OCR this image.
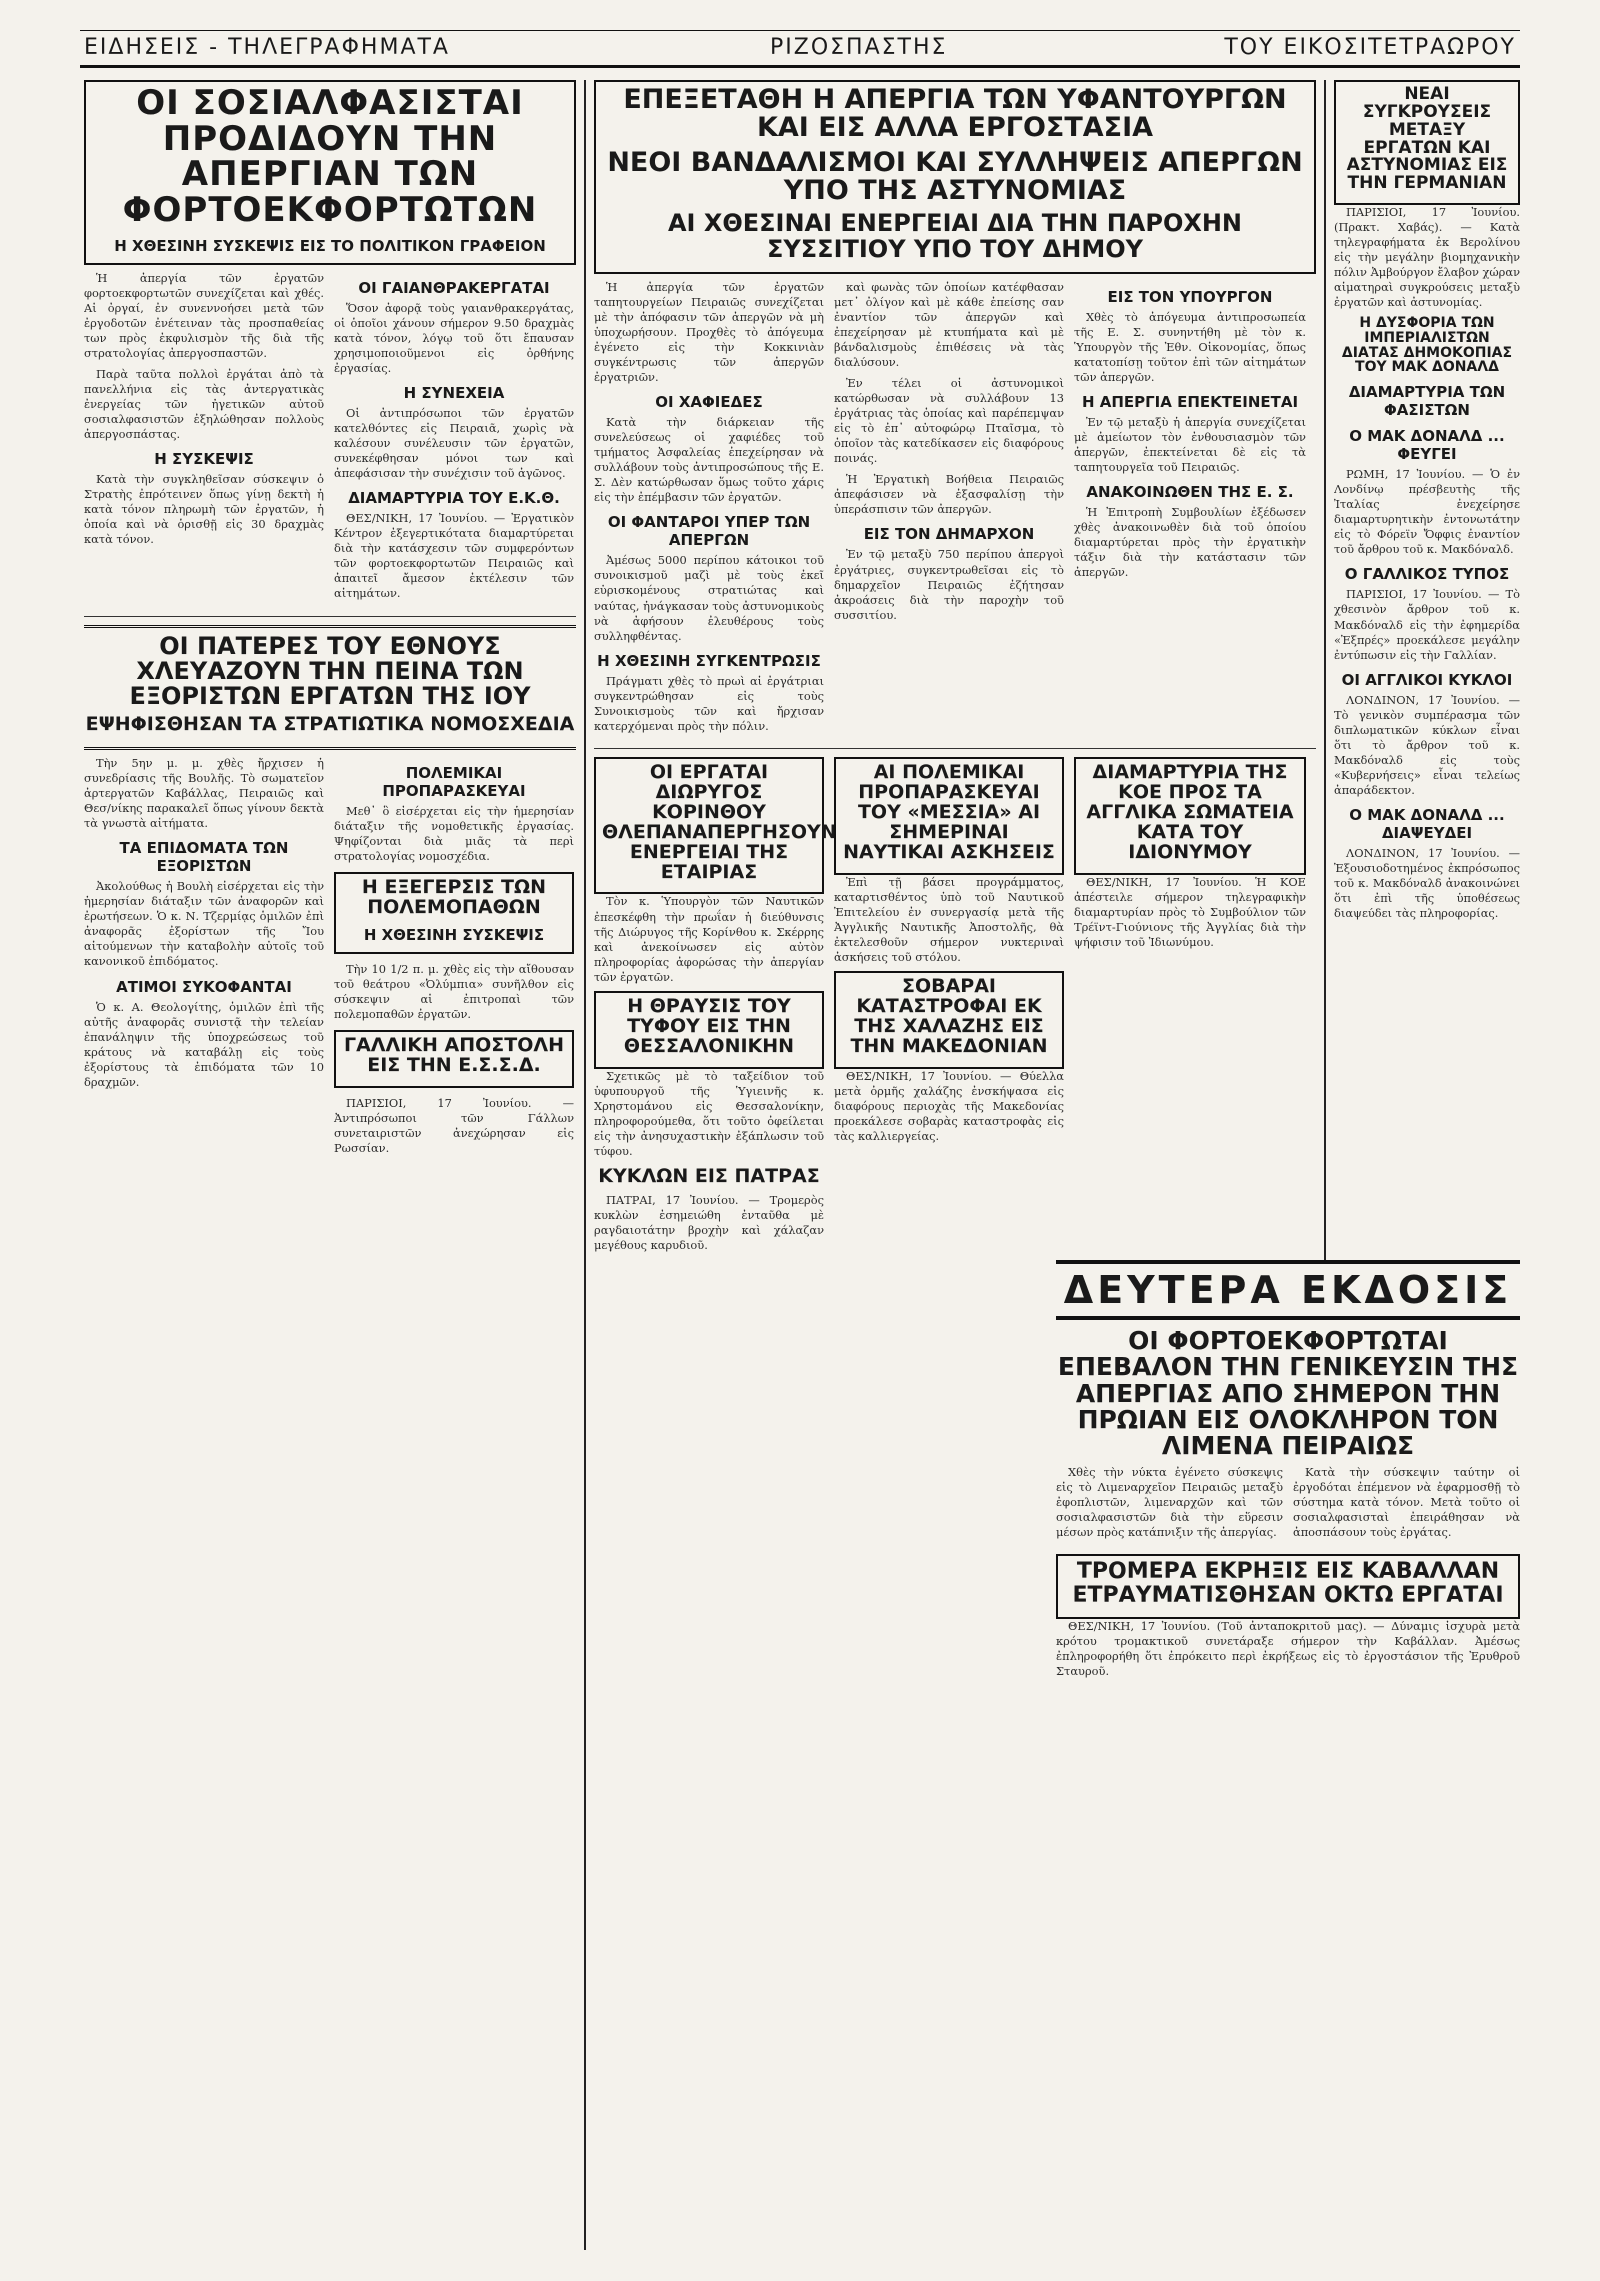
ΕΙΔΗΣΕΙΣ - ΤΗΛΕΓΡΑΦΗΜΑΤΑ	ΡΙΖΟΣΠΑΣΤΗΣ	ΤΟΥ ΕΙΚΟΣΙΤΕΤΡΑΩΡΟΥ
ΟΙ ΣΟΣΙΑΛΦΑΣΙΣΤΑΙ ΠΡΟΔΙΔΟΥΝ ΤΗΝ ΑΠΕΡΓΙΑΝ ΤΩΝ ΦΟΡΤΟΕΚΦΟΡΤΩΤΩΝ
Η ΧΘΕΣΙΝΗ ΣΥΣΚΕΨΙΣ ΕΙΣ ΤΟ ΠΟΛΙΤΙΚΟΝ ΓΡΑΦΕΙΟΝ

Ἡ ἀπεργία τῶν ἐργατῶν φορτοεκφορτωτῶν συνεχίζεται καὶ χθές. Αἱ ὀργαί, ἐν συνεννοήσει μετὰ τῶν ἐργοδοτῶν ἐνέτειναν τὰς προσπαθείας των πρὸς ἐκφυλισμὸν τῆς διὰ τῆς στρατολογίας ἀπεργοσπαστῶν.

Παρὰ ταῦτα πολλοὶ ἐργάται ἀπὸ τὰ πανελλήνια εἰς τὰς ἀντεργατικὰς ἐνεργείας τῶν ἠγετικῶν αὐτοῦ σοσιαλφασιστῶν ἐξηλώθησαν πολλοὺς ἀπεργοσπάστας.

Η ΣΥΣΚΕΨΙΣ

Κατὰ τὴν συγκληθεῖσαν σύσκεψιν ὁ Στρατὴς ἐπρότεινεν ὅπως γίνῃ δεκτὴ ἡ κατὰ τόνον πληρωμὴ τῶν ἐργατῶν, ἡ ὁποία καὶ νὰ ὁρισθῇ εἰς 30 δραχμὰς κατὰ τόνον.

ΟΙ ΓΑΙΑΝΘΡΑΚΕΡΓΑΤΑΙ

Ὅσον ἀφορᾷ τοὺς γαιανθρακεργάτας, οἱ ὁποῖοι χάνουν σήμερον 9.50 δραχμὰς κατὰ τόνον, λόγῳ τοῦ ὅτι ἔπαυσαν χρησιμοποιοῦμενοι εἰς ὀρθήνης ἐργασίας.

Η ΣΥΝΕΧΕΙΑ

Οἱ ἀντιπρόσωποι τῶν ἐργατῶν κατελθόντες εἰς Πειραιᾶ, χωρὶς νὰ καλέσουν συνέλευσιν τῶν ἐργατῶν, συνεκέφθησαν μόνοι των καὶ ἀπεφάσισαν τὴν συνέχισιν τοῦ ἀγῶνος.

ΔΙΑΜΑΡΤΥΡΙΑ ΤΟΥ Ε.Κ.Θ.

ΘΕΣ/ΝΙΚΗ, 17 Ἰουνίου. — Ἐργατικὸν Κέντρον ἐξεγερτικότατα διαμαρτύρεται διὰ τὴν κατάσχεσιν τῶν συμφερόντων τῶν φορτοεκφορτωτῶν Πειραιῶς καὶ ἀπαιτεῖ ἄμεσον ἐκτέλεσιν τῶν αἰτημάτων.

ΟΙ ΠΑΤΕΡΕΣ ΤΟΥ ΕΘΝΟΥΣ ΧΛΕΥΑΖΟΥΝ ΤΗΝ ΠΕΙΝΑ ΤΩΝ ΕΞΟΡΙΣΤΩΝ ΕΡΓΑΤΩΝ ΤΗΣ ΙΟΥ
ΕΨΗΦΙΣΘΗΣΑΝ ΤΑ ΣΤΡΑΤΙΩΤΙΚΑ ΝΟΜΟΣΧΕΔΙΑ

Τὴν 5ην μ. μ. χθὲς ἤρχισεν ἡ συνεδρίασις τῆς Βουλῆς. Τὸ σωματεῖον ἀρτεργατῶν Καβάλλας, Πειραιῶς καὶ Θεσ/νίκης παρακαλεῖ ὅπως γίνουν δεκτὰ τὰ γνωστὰ αἰτήματα.

ΤΑ ΕΠΙΔΟΜΑΤΑ ΤΩΝ ΕΞΟΡΙΣΤΩΝ

Ἀκολούθως ἡ Βουλὴ εἰσέρχεται εἰς τὴν ἡμερησίαν διάταξιν τῶν ἀναφορῶν καὶ ἐρωτήσεων. Ὁ κ. Ν. Τζερμίᾳς ὁμιλῶν ἐπὶ ἀναφορᾶς ἐξορίστων τῆς Ἴου αἰτούμενων τὴν καταβολὴν αὐτοῖς τοῦ κανονικοῦ ἐπιδόματος.

ΑΤΙΜΟΙ ΣΥΚΟΦΑΝΤΑΙ

Ὁ κ. Α. Θεολογίτης, ὁμιλῶν ἐπὶ τῆς αὐτῆς ἀναφορᾶς συνιστᾷ τὴν τελείαν ἐπανάληψιν τῆς ὑποχρεώσεως τοῦ κράτους νὰ καταβάλῃ εἰς τοὺς ἐξορίστους τὰ ἐπιδόματα τῶν 10 δραχμῶν.

ΠΟΛΕΜΙΚΑΙ ΠΡΟΠΑΡΑΣΚΕΥΑΙ

Μεθ᾽ ὃ εἰσέρχεται εἰς τὴν ἡμερησίαν διάταξιν τῆς νομοθετικῆς ἐργασίας. Ψηφίζονται διὰ μιᾶς τὰ περὶ στρατολογίας νομοσχέδια.

Η ΕΞΕΓΕΡΣΙΣ ΤΩΝ ΠΟΛΕΜΟΠΑΘΩΝ
Η ΧΘΕΣΙΝΗ ΣΥΣΚΕΨΙΣ

Τὴν 10 1/2 π. μ. χθὲς εἰς τὴν αἴθουσαν τοῦ θεάτρου «Ὀλύμπια» συνῆλθον εἰς σύσκεψιν αἱ ἐπιτροπαὶ τῶν πολεμοπαθῶν ἐργατῶν.

ΓΑΛΛΙΚΗ ΑΠΟΣΤΟΛΗ ΕΙΣ ΤΗΝ Ε.Σ.Σ.Δ.

ΠΑΡΙΣΙΟΙ, 17 Ἰουνίου. — Ἀντιπρόσωποι τῶν Γάλλων συνεταιριστῶν ἀνεχώρησαν εἰς Ρωσσίαν.

ΕΠΕΞΕΤΑΘΗ Η ΑΠΕΡΓΙΑ ΤΩΝ ΥΦΑΝΤΟΥΡΓΩΝ ΚΑΙ ΕΙΣ ΑΛΛΑ ΕΡΓΟΣΤΑΣΙΑ
ΝΕΟΙ ΒΑΝΔΑΛΙΣΜΟΙ ΚΑΙ ΣΥΛΛΗΨΕΙΣ ΑΠΕΡΓΩΝ ΥΠΟ ΤΗΣ ΑΣΤΥΝΟΜΙΑΣ
ΑΙ ΧΘΕΣΙΝΑΙ ΕΝΕΡΓΕΙΑΙ ΔΙΑ ΤΗΝ ΠΑΡΟΧΗΝ ΣΥΣΣΙΤΙΟΥ ΥΠΟ ΤΟΥ ΔΗΜΟΥ

Ἡ ἀπεργία τῶν ἐργατῶν ταπητουργείων Πειραιῶς συνεχίζεται μὲ τὴν ἀπόφασιν τῶν ἀπεργῶν νὰ μὴ ὑποχωρήσουν. Προχθὲς τὸ ἀπόγευμα ἐγένετο εἰς τὴν Κοκκινιὰν συγκέντρωσις τῶν ἀπεργῶν ἐργατριῶν.

ΟΙ ΧΑΦΙΕΔΕΣ

Κατὰ τὴν διάρκειαν τῆς συνελεύσεως οἱ χαφιέδες τοῦ τμήματος Ἀσφαλείας ἐπεχείρησαν νὰ συλλάβουν τοὺς ἀντιπροσώπους τῆς Ε. Σ. Δὲν κατώρθωσαν ὅμως τοῦτο χάρις εἰς τὴν ἐπέμβασιν τῶν ἐργατῶν.

ΟΙ ΦΑΝΤΑΡΟΙ ΥΠΕΡ ΤΩΝ ΑΠΕΡΓΩΝ

Ἀμέσως 5000 περίπου κάτοικοι τοῦ συνοικισμοῦ μαζὶ μὲ τοὺς ἐκεῖ εὑρισκομένους στρατιώτας καὶ ναύτας, ἠνάγκασαν τοὺς ἀστυνομικοὺς νὰ ἀφήσουν ἐλευθέρους τοὺς συλληφθέντας.

Η ΧΘΕΣΙΝΗ ΣΥΓΚΕΝΤΡΩΣΙΣ

Πράγματι χθὲς τὸ πρωὶ αἱ ἐργάτριαι συγκεντρώθησαν εἰς τοὺς Συνοικισμοὺς τῶν καὶ ἤρχισαν κατερχόμεναι πρὸς τὴν πόλιν.

καὶ φωνὰς τῶν ὁποίων κατέφθασαν μετ᾽ ὀλίγον καὶ μὲ κάθε ἐπείσης σαν ἐναντίον τῶν ἀπεργῶν καὶ ἐπεχείρησαν μὲ κτυπήματα καὶ μὲ βάνδαλισμοὺς ἐπιθέσεις νὰ τὰς διαλύσουν.

Ἐν τέλει οἱ ἀστυνομικοὶ κατώρθωσαν νὰ συλλάβουν 13 ἐργάτριας τὰς ὁποίας καὶ παρέπεμψαν εἰς τὸ ἐπ᾽ αὐτοφώρῳ Πταῖσμα, τὸ ὁποῖον τὰς κατεδίκασεν εἰς διαφόρους ποινάς.

Ἡ Ἐργατικὴ Βοήθεια Πειραιῶς ἀπεφάσισεν νὰ ἐξασφαλίσῃ τὴν ὑπεράσπισιν τῶν ἀπεργῶν.

ΕΙΣ ΤΟΝ ΔΗΜΑΡΧΟΝ

Ἐν τῷ μεταξὺ 750 περίπου ἀπεργοὶ ἐργάτριες, συγκεντρωθεῖσαι εἰς τὸ δημαρχεῖον Πειραιῶς ἐζήτησαν ἀκροάσεις διὰ τὴν παροχὴν τοῦ συσσιτίου.

ΕΙΣ ΤΟΝ ΥΠΟΥΡΓΟΝ

Χθὲς τὸ ἀπόγευμα ἀντιπροσωπεία τῆς Ε. Σ. συνηντήθη μὲ τὸν κ. Ὑπουργὸν τῆς Ἐθν. Οἰκονομίας, ὅπως κατατοπίσῃ τοῦτον ἐπὶ τῶν αἰτημάτων τῶν ἀπεργῶν.

Η ΑΠΕΡΓΙΑ ΕΠΕΚΤΕΙΝΕΤΑΙ

Ἐν τῷ μεταξὺ ἡ ἀπεργία συνεχίζεται μὲ ἀμείωτον τὸν ἐνθουσιασμὸν τῶν ἀπεργῶν, ἐπεκτείνεται δὲ εἰς τὰ ταπητουργεῖα τοῦ Πειραιῶς.

ΑΝΑΚΟΙΝΩΘΕΝ ΤΗΣ Ε. Σ.

Ἡ Ἐπιτροπὴ Συμβουλίων ἐξέδωσεν χθὲς ἀνακοινωθὲν διὰ τοῦ ὁποίου διαμαρτύρεται πρὸς τὴν ἐργατικὴν τάξιν διὰ τὴν κατάστασιν τῶν ἀπεργῶν.

ΟΙ ΕΡΓΑΤΑΙ ΔΙΩΡΥΓΟΣ ΚΟΡΙΝΘΟΥ ΘΛΕΠΑΝΑΠΕΡΓΗΣΟΥΝ ΕΝΕΡΓΕΙΑΙ ΤΗΣ ΕΤΑΙΡΙΑΣ

Τὸν κ. Ὑπουργὸν τῶν Ναυτικῶν ἐπεσκέφθη τὴν πρωΐαν ἡ διεύθυνσις τῆς Διώρυγος τῆς Κορίνθου κ. Σκέρρης καὶ ἀνεκοίνωσεν εἰς αὐτὸν πληροφορίας ἀφορώσας τὴν ἀπεργίαν τῶν ἐργατῶν.

Η ΘΡΑΥΣΙΣ ΤΟΥ ΤΥΦΟΥ ΕΙΣ ΤΗΝ ΘΕΣΣΑΛΟΝΙΚΗΝ

Σχετικῶς μὲ τὸ ταξείδιον τοῦ ὑφυπουργοῦ τῆς Ὑγιεινῆς κ. Χρηστομάνου εἰς Θεσσαλονίκην, πληροφορούμεθα, ὅτι τοῦτο ὀφείλεται εἰς τὴν ἀνησυχαστικὴν ἐξάπλωσιν τοῦ τύφου.

ΚΥΚΛΩΝ ΕΙΣ ΠΑΤΡΑΣ

ΠΑΤΡΑΙ, 17 Ἰουνίου. — Τρομερὸς κυκλὼν ἐσημειώθη ἐνταῦθα μὲ ραγδαιοτάτην βροχὴν καὶ χάλαζαν μεγέθους καρυδιοῦ.

ΑΙ ΠΟΛΕΜΙΚΑΙ ΠΡΟΠΑΡΑΣΚΕΥΑΙ ΤΟΥ «ΜΕΣΣΙΑ» ΑΙ ΣΗΜΕΡΙΝΑΙ ΝΑΥΤΙΚΑΙ ΑΣΚΗΣΕΙΣ

Ἐπὶ τῇ βάσει προγράμματος, καταρτισθέντος ὑπὸ τοῦ Ναυτικοῦ Ἐπιτελείου ἐν συνεργασίᾳ μετὰ τῆς Ἀγγλικῆς Ναυτικῆς Ἀποστολῆς, θὰ ἐκτελεσθοῦν σήμερον νυκτεριναὶ ἀσκήσεις τοῦ στόλου.

ΣΟΒΑΡΑΙ ΚΑΤΑΣΤΡΟΦΑΙ ΕΚ ΤΗΣ ΧΑΛΑΖΗΣ ΕΙΣ ΤΗΝ ΜΑΚΕΔΟΝΙΑΝ

ΘΕΣ/ΝΙΚΗ, 17 Ἰουνίου. — Θύελλα μετὰ ὀρμῆς χαλάζης ἐνσκήψασα εἰς διαφόρους περιοχὰς τῆς Μακεδονίας προεκάλεσε σοβαρὰς καταστροφὰς εἰς τὰς καλλιεργείας.

ΔΙΑΜΑΡΤΥΡΙΑ ΤΗΣ ΚΟΕ ΠΡΟΣ ΤΑ ΑΓΓΛΙΚΑ ΣΩΜΑΤΕΙΑ ΚΑΤΑ ΤΟΥ ΙΔΙΟΝΥΜΟΥ

ΘΕΣ/ΝΙΚΗ, 17 Ἰουνίου. Ἡ ΚΟΕ ἀπέστειλε σήμερον τηλεγραφικὴν διαμαρτυρίαν πρὸς τὸ Συμβούλιον τῶν Τρέϊντ-Γιούνιονς τῆς Ἀγγλίας διὰ τὴν ψήφισιν τοῦ Ἰδιωνύμου.

ΝΕΑΙ ΣΥΓΚΡΟΥΣΕΙΣ ΜΕΤΑΞΥ ΕΡΓΑΤΩΝ ΚΑΙ ΑΣΤΥΝΟΜΙΑΣ ΕΙΣ ΤΗΝ ΓΕΡΜΑΝΙΑΝ

ΠΑΡΙΣΙΟΙ, 17 Ἰουνίου. (Πρακτ. Χαβάς). — Κατὰ τηλεγραφήματα ἐκ Βερολίνου εἰς τὴν μεγάλην βιομηχανικὴν πόλιν Ἀμβούργον ἔλαβον χώραν αἱματηραὶ συγκρούσεις μεταξὺ ἐργατῶν καὶ ἀστυνομίας.

Η ΔΥΣΦΟΡΙΑ ΤΩΝ ΙΜΠΕΡΙΑΛΙΣΤΩΝ ΔΙΑΤΑΣ ΔΗΜΟΚΟΠΙΑΣ ΤΟΥ ΜΑΚ ΔΟΝΑΛΔ
ΔΙΑΜΑΡΤΥΡΙΑ ΤΩΝ ΦΑΣΙΣΤΩΝ
Ο ΜΑΚ ΔΟΝΑΛΔ ... ΦΕΥΓΕΙ

ΡΩΜΗ, 17 Ἰουνίου. — Ὁ ἐν Λονδίνῳ πρέσβευτὴς τῆς Ἰταλίας ἐνεχείρησε διαμαρτυρητικὴν ἐντονωτάτην εἰς τὸ Φόρεϊν Ὄφφις ἐναντίον τοῦ ἄρθρου τοῦ κ. Μακδόναλδ.

Ο ΓΑΛΛΙΚΟΣ ΤΥΠΟΣ

ΠΑΡΙΣΙΟΙ, 17 Ἰουνίου. — Τὸ χθεσινὸν ἄρθρον τοῦ κ. Μακδόναλδ εἰς τὴν ἐφημερίδα «Ἐξπρές» προεκάλεσε μεγάλην ἐντύπωσιν εἰς τὴν Γαλλίαν.

ΟΙ ΑΓΓΛΙΚΟΙ ΚΥΚΛΟΙ

ΛΟΝΔΙΝΟΝ, 17 Ἰουνίου. — Τὸ γενικὸν συμπέρασμα τῶν διπλωματικῶν κύκλων εἶναι ὅτι τὸ ἄρθρον τοῦ κ. Μακδόναλδ εἰς τοὺς «Κυβερνήσεις» εἶναι τελείως ἀπαράδεκτον.

Ο ΜΑΚ ΔΟΝΑΛΔ ... ΔΙΑΨΕΥΔΕΙ

ΛΟΝΔΙΝΟΝ, 17 Ἰουνίου. — Ἐξουσιοδοτημένος ἐκπρόσωπος τοῦ κ. Μακδόναλδ ἀνακοινώνει ὅτι ἐπὶ τῆς ὑποθέσεως διαψεύδει τὰς πληροφορίας.

ΔΕΥΤΕΡΑ ΕΚΔΟΣΙΣ
ΟΙ ΦΟΡΤΟΕΚΦΟΡΤΩΤΑΙ ΕΠΕΒΑΛΟΝ ΤΗΝ ΓΕΝΙΚΕΥΣΙΝ ΤΗΣ ΑΠΕΡΓΙΑΣ ΑΠΟ ΣΗΜΕΡΟΝ ΤΗΝ ΠΡΩΙΑΝ ΕΙΣ ΟΛΟΚΛΗΡΟΝ ΤΟΝ ΛΙΜΕΝΑ ΠΕΙΡΑΙΩΣ

Χθὲς τὴν νύκτα ἐγένετο σύσκεψις εἰς τὸ Λιμεναρχεῖον Πειραιῶς μεταξὺ ἐφοπλιστῶν, λιμεναρχῶν καὶ τῶν σοσιαλφασιστῶν διὰ τὴν εὕρεσιν μέσων πρὸς κατάπνιξιν τῆς ἀπεργίας.

Κατὰ τὴν σύσκεψιν ταύτην οἱ ἐργοδόται ἐπέμενον νὰ ἐφαρμοσθῇ τὸ σύστημα κατὰ τόνον. Μετὰ τοῦτο οἱ σοσιαλφασισταὶ ἐπειράθησαν νὰ ἀποσπάσουν τοὺς ἐργάτας.

ΤΡΟΜΕΡΑ ΕΚΡΗΞΙΣ ΕΙΣ ΚΑΒΑΛΛΑΝ ΕΤΡΑΥΜΑΤΙΣΘΗΣΑΝ ΟΚΤΩ ΕΡΓΑΤΑΙ

ΘΕΣ/ΝΙΚΗ, 17 Ἰουνίου. (Τοῦ ἀνταποκριτοῦ μας). — Δύναμις ἰσχυρὰ μετὰ κρότου τρομακτικοῦ συνετάραξε σήμερον τὴν Καβάλλαν. Ἀμέσως ἐπληροφορήθη ὅτι ἐπρόκειτο περὶ ἐκρήξεως εἰς τὸ ἐργοστάσιον τῆς Ἐρυθροῦ Σταυροῦ.
